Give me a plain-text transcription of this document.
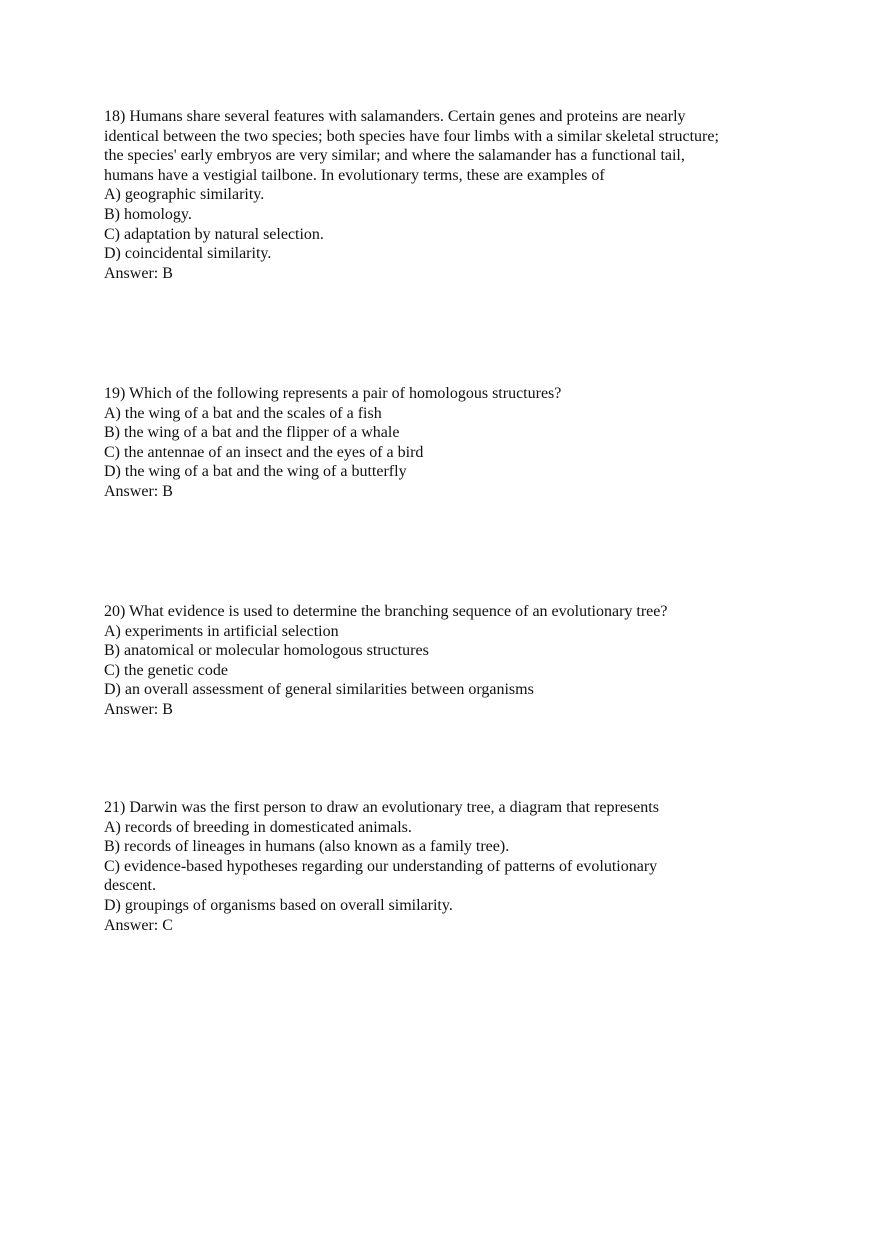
18) Humans share several features with salamanders. Certain genes and proteins are nearly
identical between the two species; both species have four limbs with a similar skeletal structure;
the species' early embryos are very similar; and where the salamander has a functional tail,
humans have a vestigial tailbone. In evolutionary terms, these are examples of
A) geographic similarity.
B) homology.
C) adaptation by natural selection.
D) coincidental similarity.
Answer: B
19) Which of the following represents a pair of homologous structures?
A) the wing of a bat and the scales of a fish
B) the wing of a bat and the flipper of a whale
C) the antennae of an insect and the eyes of a bird
D) the wing of a bat and the wing of a butterfly
Answer: B
20) What evidence is used to determine the branching sequence of an evolutionary tree?
A) experiments in artificial selection
B) anatomical or molecular homologous structures
C) the genetic code
D) an overall assessment of general similarities between organisms
Answer: B
21) Darwin was the first person to draw an evolutionary tree, a diagram that represents
A) records of breeding in domesticated animals.
B) records of lineages in humans (also known as a family tree).
C) evidence-based hypotheses regarding our understanding of patterns of evolutionary
descent.
D) groupings of organisms based on overall similarity.
Answer: C
